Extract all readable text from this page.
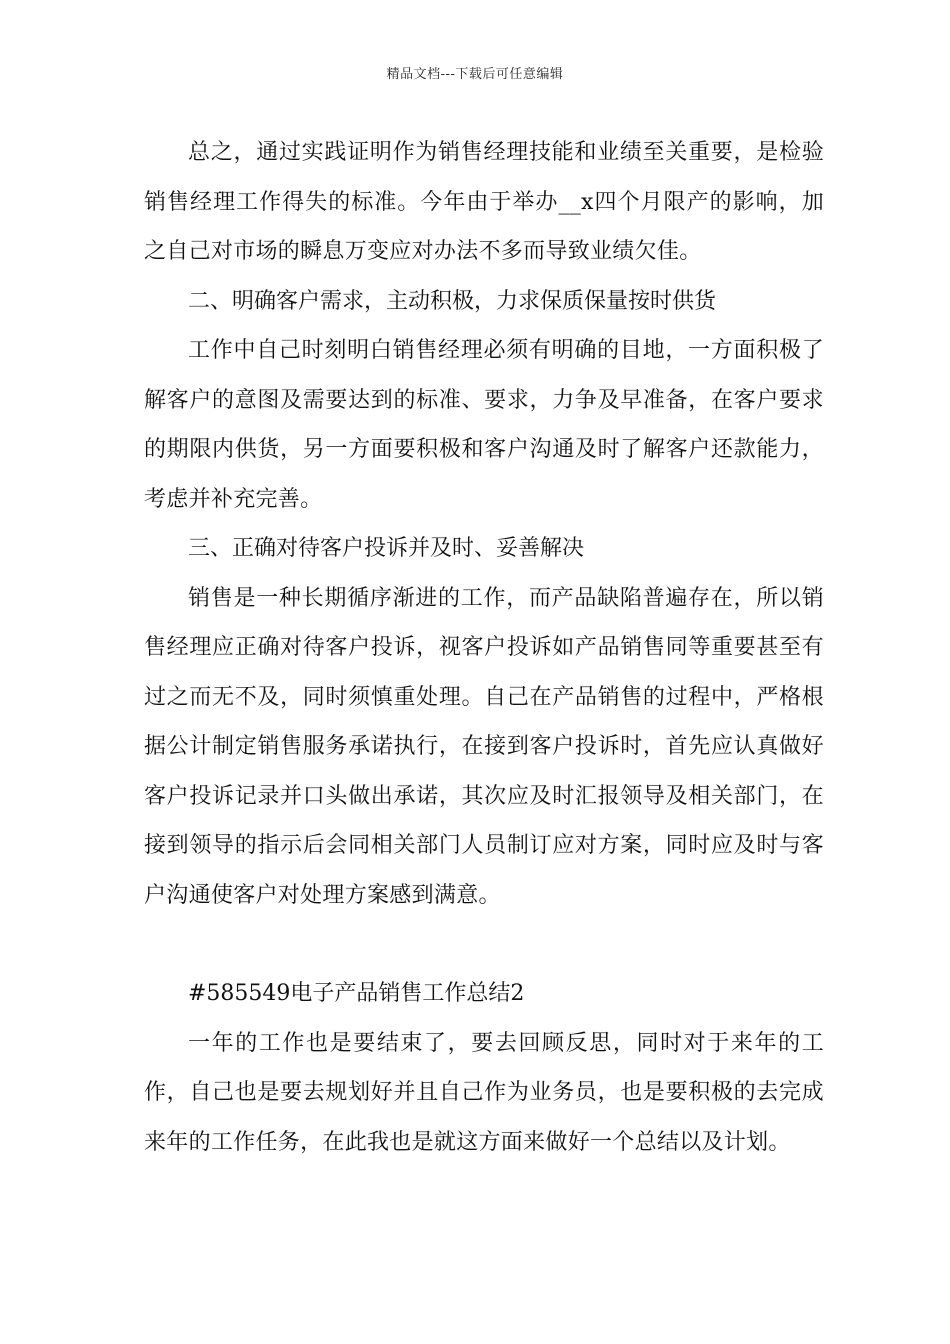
精品文档---下载后可任意编辑

总之，通过实践证明作为销售经理技能和业绩至关重要，是检验销售经理工作得失的标准。今年由于举办__x四个月限产的影响，加之自己对市场的瞬息万变应对办法不多而导致业绩欠佳。

二、明确客户需求，主动积极，力求保质保量按时供货

工作中自己时刻明白销售经理必须有明确的目地，一方面积极了解客户的意图及需要达到的标准、要求，力争及早准备，在客户要求的期限内供货，另一方面要积极和客户沟通及时了解客户还款能力，考虑并补充完善。

三、正确对待客户投诉并及时、妥善解决

销售是一种长期循序渐进的工作，而产品缺陷普遍存在，所以销售经理应正确对待客户投诉，视客户投诉如产品销售同等重要甚至有过之而无不及，同时须慎重处理。自己在产品销售的过程中，严格根据公计制定销售服务承诺执行，在接到客户投诉时，首先应认真做好客户投诉记录并口头做出承诺，其次应及时汇报领导及相关部门，在接到领导的指示后会同相关部门人员制订应对方案，同时应及时与客户沟通使客户对处理方案感到满意。

#585549电子产品销售工作总结2

一年的工作也是要结束了，要去回顾反思，同时对于来年的工作，自己也是要去规划好并且自己作为业务员，也是要积极的去完成来年的工作任务，在此我也是就这方面来做好一个总结以及计划。
